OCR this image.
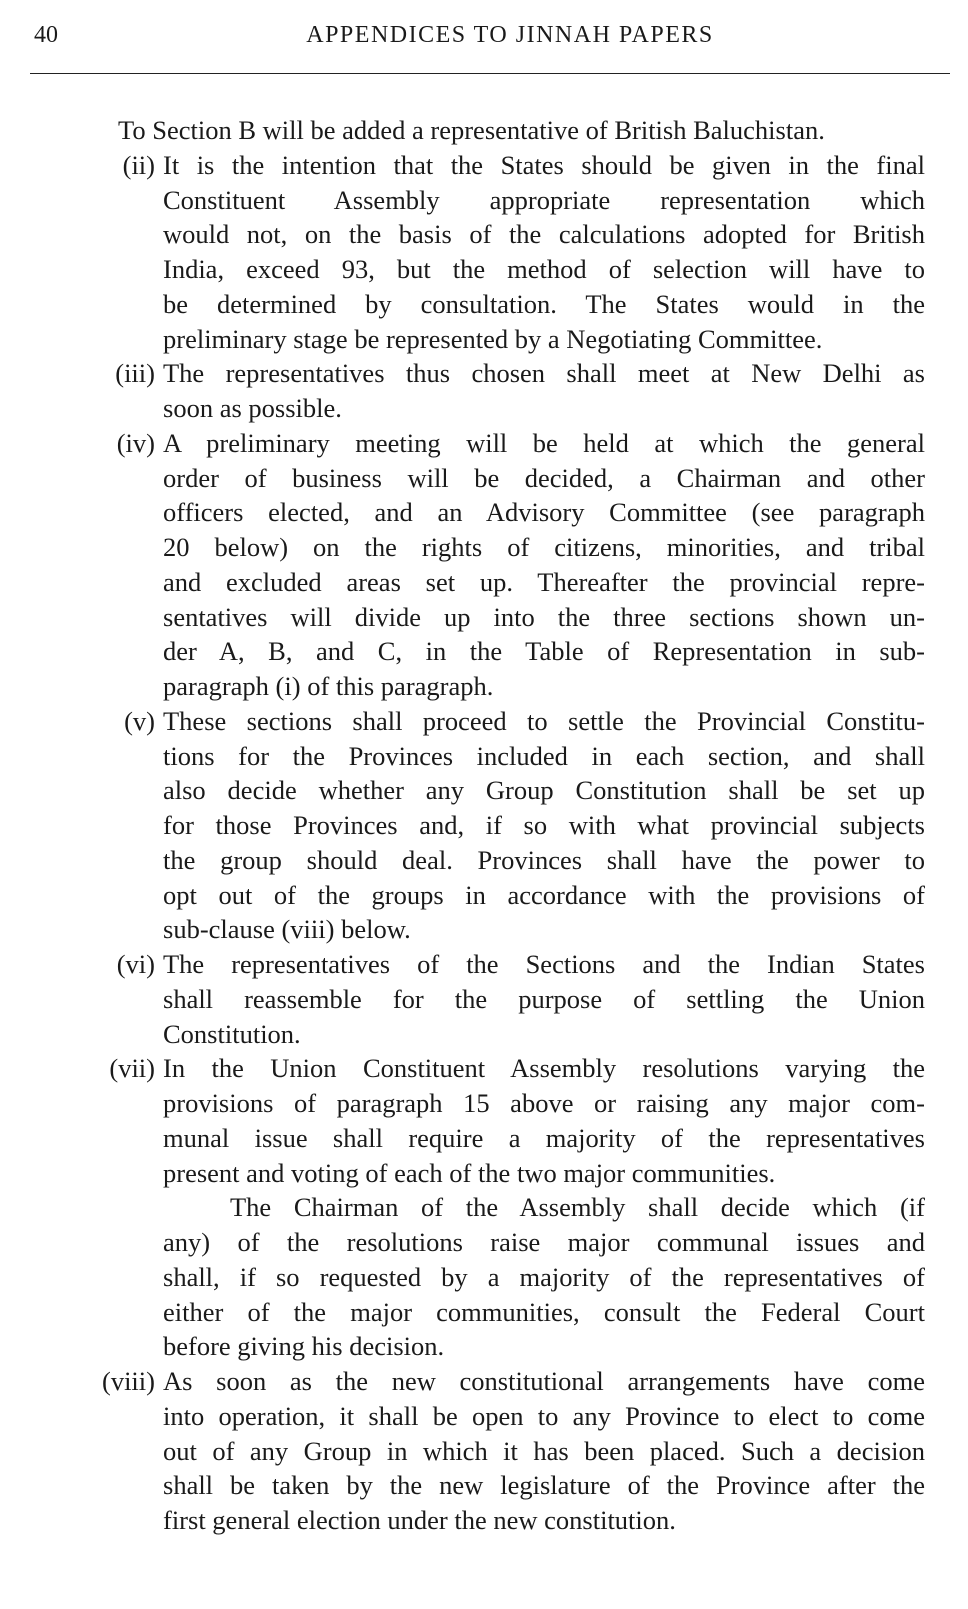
40	APPENDICES TO JINNAH PAPERS
To Section B will be added a representative of British Baluchistan.
(ii) It is the intention that the States should be given in the final
Constituent Assembly appropriate representation which
would not, on the basis of the calculations adopted for British
India, exceed 93, but the method of selection will have to
be determined by consultation. The States would in the
preliminary stage be represented by a Negotiating Committee.
(iii) The representatives thus chosen shall meet at New Delhi as
soon as possible.
(iv) A preliminary meeting will be held at which the general
order of business will be decided, a Chairman and other
officers elected, and an Advisory Committee (see paragraph
20 below) on the rights of citizens, minorities, and tribal
and excluded areas set up. Thereafter the provincial repre-
sentatives will divide up into the three sections shown un-
der A, B, and C, in the Table of Representation in sub-
paragraph (i) of this paragraph.
(v) These sections shall proceed to settle the Provincial Constitu-
tions for the Provinces included in each section, and shall
also decide whether any Group Constitution shall be set up
for those Provinces and, if so with what provincial subjects
the group should deal. Provinces shall have the power to
opt out of the groups in accordance with the provisions of
sub-clause (viii) below.
(vi) The representatives of the Sections and the Indian States
shall reassemble for the purpose of settling the Union
Constitution.
(vii) In the Union Constituent Assembly resolutions varying the
provisions of paragraph 15 above or raising any major com-
munal issue shall require a majority of the representatives
present and voting of each of the two major communities.
The Chairman of the Assembly shall decide which (if
any) of the resolutions raise major communal issues and
shall, if so requested by a majority of the representatives of
either of the major communities, consult the Federal Court
before giving his decision.
(viii) As soon as the new constitutional arrangements have come
into operation, it shall be open to any Province to elect to come
out of any Group in which it has been placed. Such a decision
shall be taken by the new legislature of the Province after the
first general election under the new constitution.
